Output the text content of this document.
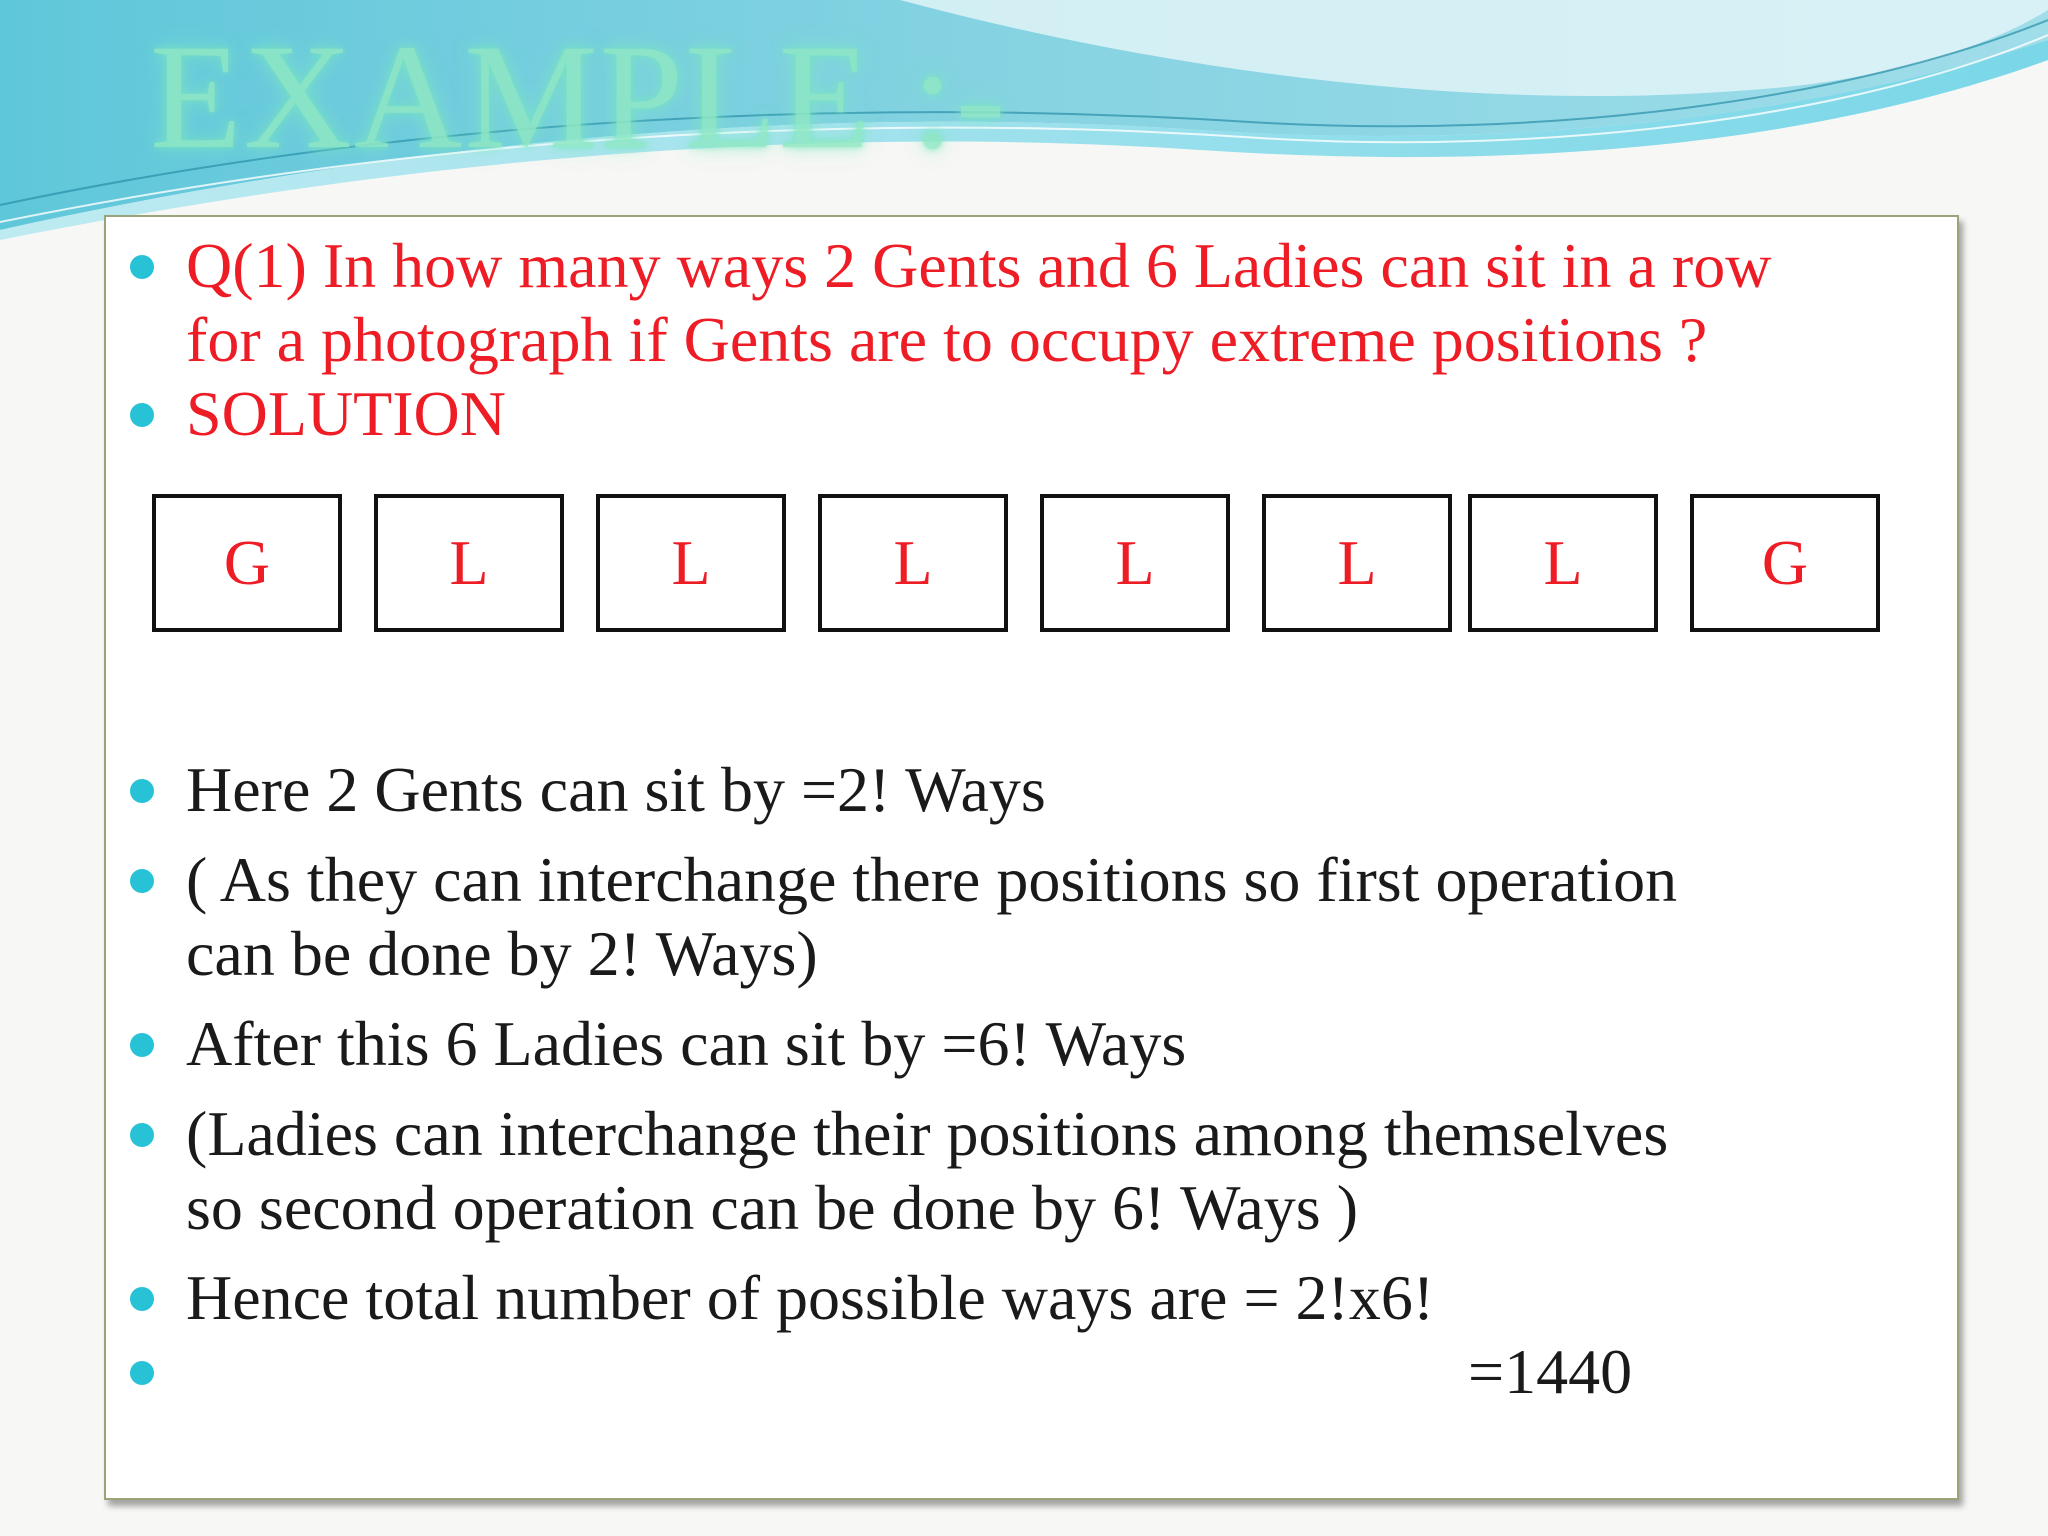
EXAMPLE :-
Q(1) In how many ways 2 Gents and 6 Ladies can sit in a row
for a photograph if Gents are to occupy extreme positions ?
SOLUTION
G	L	L	L	L	L	L	G
Here 2 Gents can sit by =2! Ways
( As they can interchange there positions so first operation
can be done by 2! Ways)
After this 6 Ladies can sit by =6! Ways
(Ladies can interchange their positions among themselves
so second operation can be done by 6! Ways )
Hence total number of possible ways are = 2!x6!
=1440
